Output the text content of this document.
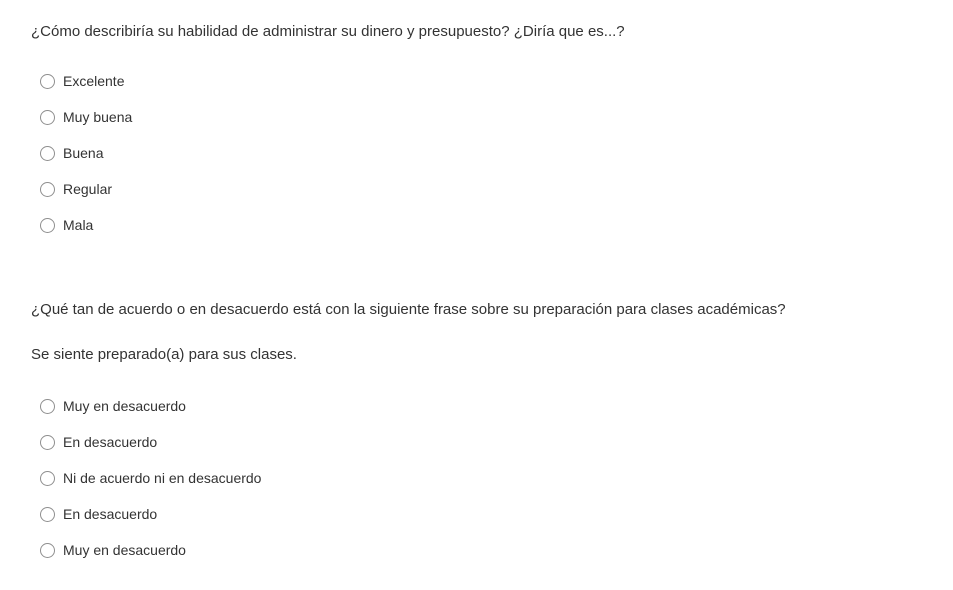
¿Cómo describiría su habilidad de administrar su dinero y presupuesto? ¿Diría que es...?
Excelente
Muy buena
Buena
Regular
Mala
¿Qué tan de acuerdo o en desacuerdo está con la siguiente frase sobre su preparación para clases académicas?
Se siente preparado(a) para sus clases.
Muy en desacuerdo
En desacuerdo
Ni de acuerdo ni en desacuerdo
En desacuerdo
Muy en desacuerdo
